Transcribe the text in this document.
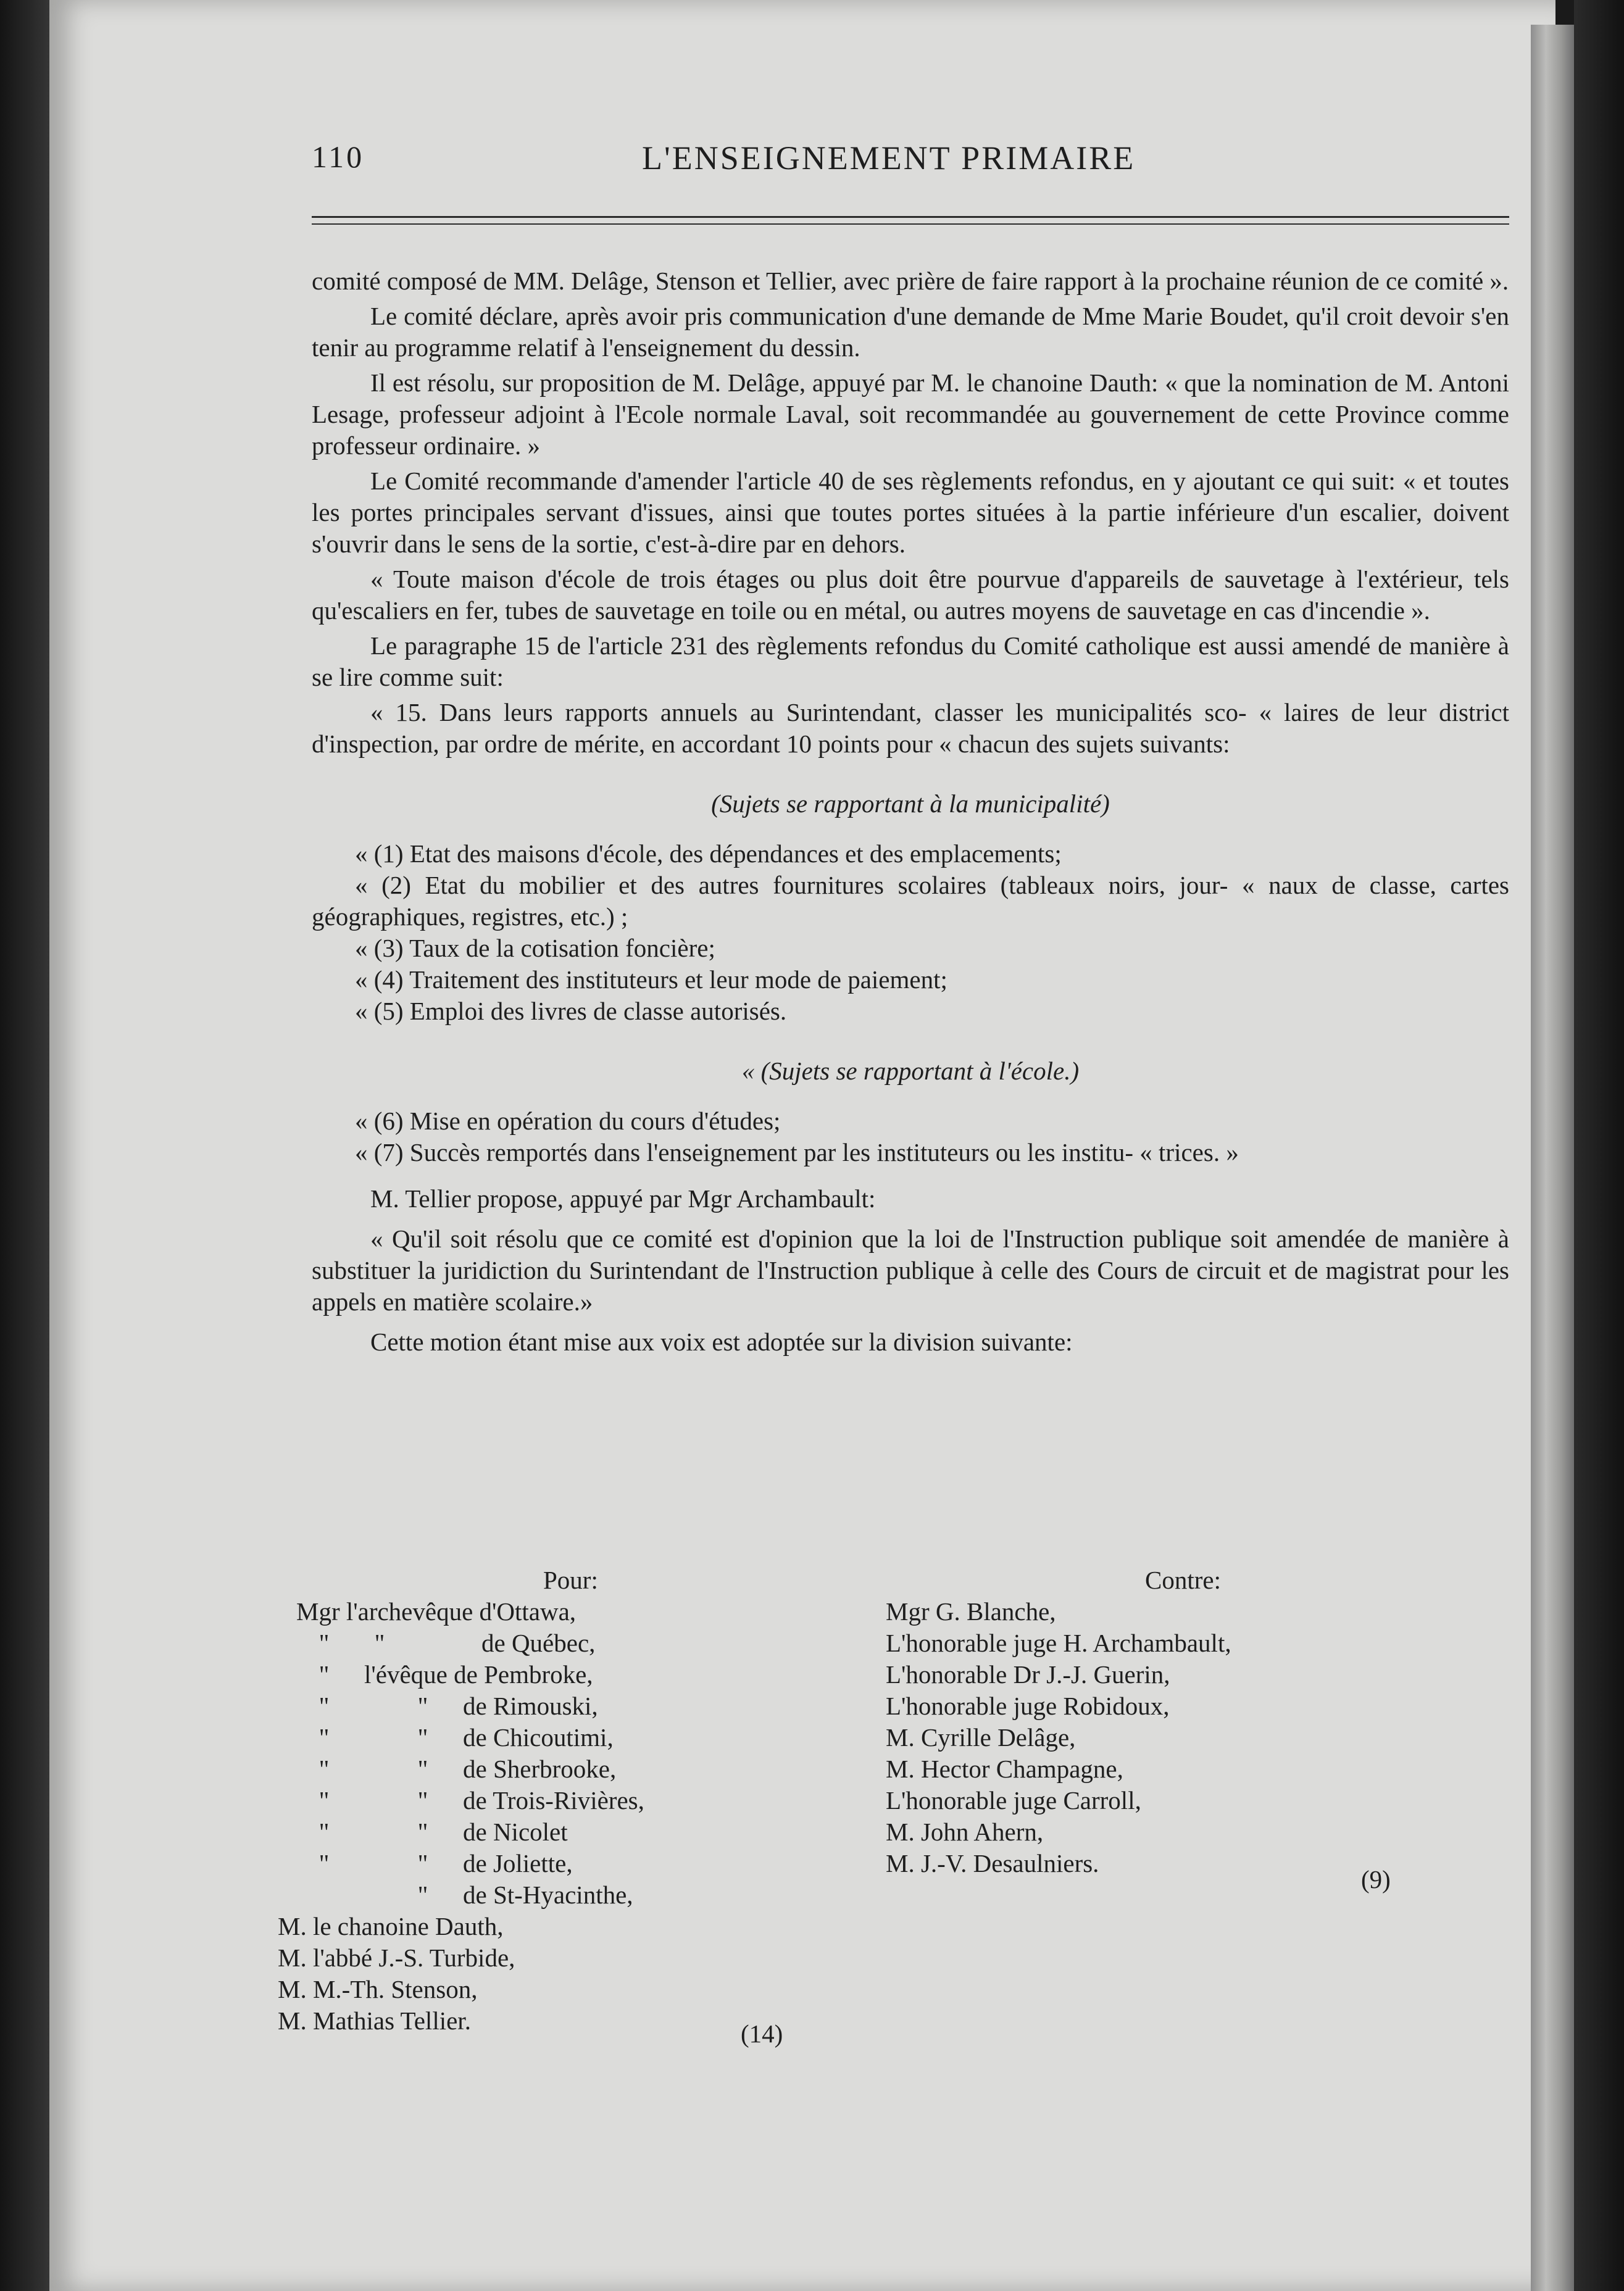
110	L'ENSEIGNEMENT PRIMAIRE

comité composé de MM. Delâge, Stenson et Tellier, avec prière de faire rapport à la prochaine réunion de ce comité ».

Le comité déclare, après avoir pris communication d'une demande de Mme Marie Boudet, qu'il croit devoir s'en tenir au programme relatif à l'enseignement du dessin.

Il est résolu, sur proposition de M. Delâge, appuyé par M. le chanoine Dauth: « que la nomination de M. Antoni Lesage, professeur adjoint à l'Ecole normale Laval, soit recommandée au gouvernement de cette Province comme professeur ordinaire. »

Le Comité recommande d'amender l'article 40 de ses règlements refondus, en y ajoutant ce qui suit: « et toutes les portes principales servant d'issues, ainsi que toutes portes situées à la partie inférieure d'un escalier, doivent s'ouvrir dans le sens de la sortie, c'est-à-dire par en dehors.

« Toute maison d'école de trois étages ou plus doit être pourvue d'appareils de sauvetage à l'extérieur, tels qu'escaliers en fer, tubes de sauvetage en toile ou en métal, ou autres moyens de sauvetage en cas d'incendie ».

Le paragraphe 15 de l'article 231 des règlements refondus du Comité catholique est aussi amendé de manière à se lire comme suit:

« 15. Dans leurs rapports annuels au Surintendant, classer les municipalités sco- « laires de leur district d'inspection, par ordre de mérite, en accordant 10 points pour « chacun des sujets suivants:

(Sujets se rapportant à la municipalité)

« (1) Etat des maisons d'école, des dépendances et des emplacements;

« (2) Etat du mobilier et des autres fournitures scolaires (tableaux noirs, jour- « naux de classe, cartes géographiques, registres, etc.) ;

« (3) Taux de la cotisation foncière;

« (4) Traitement des instituteurs et leur mode de paiement;

« (5) Emploi des livres de classe autorisés.

« (Sujets se rapportant à l'école.)

« (6) Mise en opération du cours d'études;

« (7) Succès remportés dans l'enseignement par les instituteurs ou les institu- « trices. »

M. Tellier propose, appuyé par Mgr Archambault:

« Qu'il soit résolu que ce comité est d'opinion que la loi de l'Instruction publique soit amendée de manière à substituer la juridiction du Surintendant de l'Instruction publique à celle des Cours de circuit et de magistrat pour les appels en matière scolaire.»

Cette motion étant mise aux voix est adoptée sur la division suivante:

Pour:
Mgr l'archevêque d'Ottawa,
" "	de Québec,
" l'évêque de Pembroke,
"	" de Rimouski,
"	" de Chicoutimi,
"	" de Sherbrooke,
"	" de Trois-Rivières,
"	" de Nicolet
"	" de Joliette,
" de St-Hyacinthe,
M. le chanoine Dauth,
M. l'abbé J.-S. Turbide,
M. M.-Th. Stenson,
M. Mathias Tellier.
Contre:
Mgr G. Blanche,
L'honorable juge H. Archambault,
L'honorable Dr J.-J. Guerin,
L'honorable juge Robidoux,
M. Cyrille Delâge,
M. Hector Champagne,
L'honorable juge Carroll,
M. John Ahern,
M. J.-V. Desaulniers.
(14)
(9)
